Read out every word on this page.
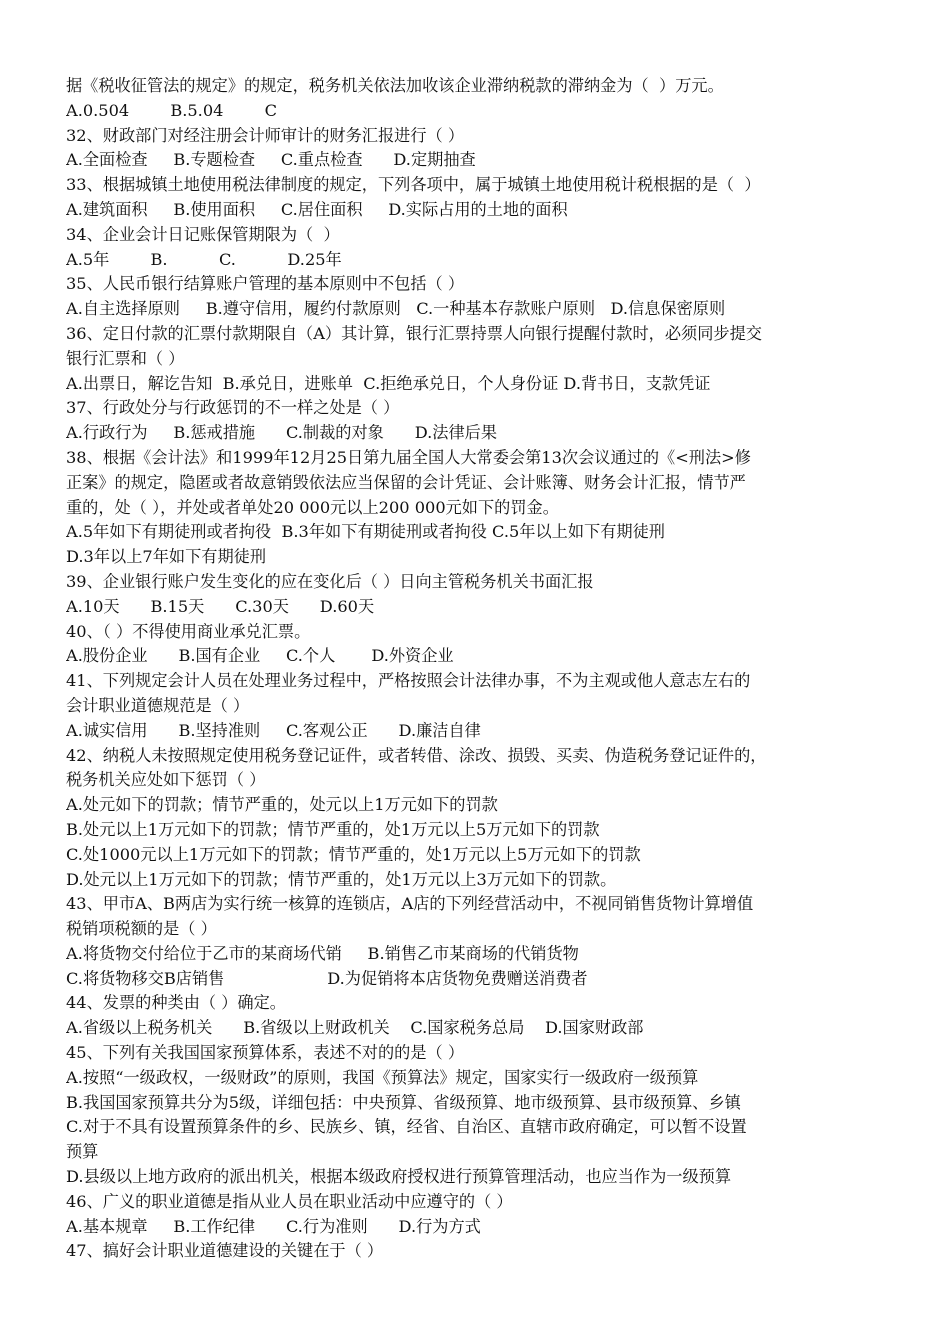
据《税收征管法的规定》的规定，税务机关依法加收该企业滞纳税款的滞纳金为（  ）万元。
A.0.504        B.5.04        C
32、财政部门对经注册会计师审计的财务汇报进行（ ）
A.全面检查     B.专题检查     C.重点检查      D.定期抽查
33、根据城镇土地使用税法律制度的规定，下列各项中，属于城镇土地使用税计税根据的是（  ）
A.建筑面积     B.使用面积     C.居住面积     D.实际占用的土地的面积
34、企业会计日记账保管期限为（  ）
A.5年        B.          C.          D.25年
35、人民币银行结算账户管理的基本原则中不包括（ ）
A.自主选择原则     B.遵守信用，履约付款原则   C.一种基本存款账户原则   D.信息保密原则
36、定日付款的汇票付款期限自（A）其计算，银行汇票持票人向银行提醒付款时，必须同步提交
银行汇票和（ ）
A.出票日，解讫告知  B.承兑日，进账单  C.拒绝承兑日，个人身份证 D.背书日，支款凭证
37、行政处分与行政惩罚的不一样之处是（ ）
A.行政行为     B.惩戒措施      C.制裁的对象      D.法律后果
38、根据《会计法》和1999年12月25日第九届全国人大常委会第13次会议通过的《<刑法>修
正案》的规定，隐匿或者故意销毁依法应当保留的会计凭证、会计账簿、财务会计汇报，情节严
重的，处（ ），并处或者单处20 000元以上200 000元如下的罚金。
A.5年如下有期徒刑或者拘役  B.3年如下有期徒刑或者拘役 C.5年以上如下有期徒刑
D.3年以上7年如下有期徒刑
39、企业银行账户发生变化的应在变化后（ ）日向主管税务机关书面汇报
A.10天      B.15天      C.30天      D.60天
40、（ ）不得使用商业承兑汇票。
A.股份企业      B.国有企业     C.个人       D.外资企业
41、下列规定会计人员在处理业务过程中，严格按照会计法律办事，不为主观或他人意志左右的
会计职业道德规范是（ ）
A.诚实信用      B.坚持准则     C.客观公正      D.廉洁自律
42、纳税人未按照规定使用税务登记证件，或者转借、涂改、损毁、买卖、伪造税务登记证件的，
税务机关应处如下惩罚（ ）
A.处元如下的罚款；情节严重的，处元以上1万元如下的罚款
B.处元以上1万元如下的罚款；情节严重的，处1万元以上5万元如下的罚款
C.处1000元以上1万元如下的罚款；情节严重的，处1万元以上5万元如下的罚款
D.处元以上1万元如下的罚款；情节严重的，处1万元以上3万元如下的罚款。
43、甲市A、B两店为实行统一核算的连锁店，A店的下列经营活动中，不视同销售货物计算增值
税销项税额的是（ ）
A.将货物交付给位于乙市的某商场代销     B.销售乙市某商场的代销货物
C.将货物移交B店销售                    D.为促销将本店货物免费赠送消费者
44、发票的种类由（ ）确定。
A.省级以上税务机关      B.省级以上财政机关    C.国家税务总局    D.国家财政部
45、下列有关我国国家预算体系，表述不对的的是（ ）
A.按照“一级政权，一级财政”的原则，我国《预算法》规定，国家实行一级政府一级预算
B.我国国家预算共分为5级，详细包括：中央预算、省级预算、地市级预算、县市级预算、乡镇
C.对于不具有设置预算条件的乡、民族乡、镇，经省、自治区、直辖市政府确定，可以暂不设置
预算
D.县级以上地方政府的派出机关，根据本级政府授权进行预算管理活动，也应当作为一级预算
46、广义的职业道德是指从业人员在职业活动中应遵守的（ ）
A.基本规章     B.工作纪律      C.行为准则      D.行为方式
47、搞好会计职业道德建设的关键在于（ ）
